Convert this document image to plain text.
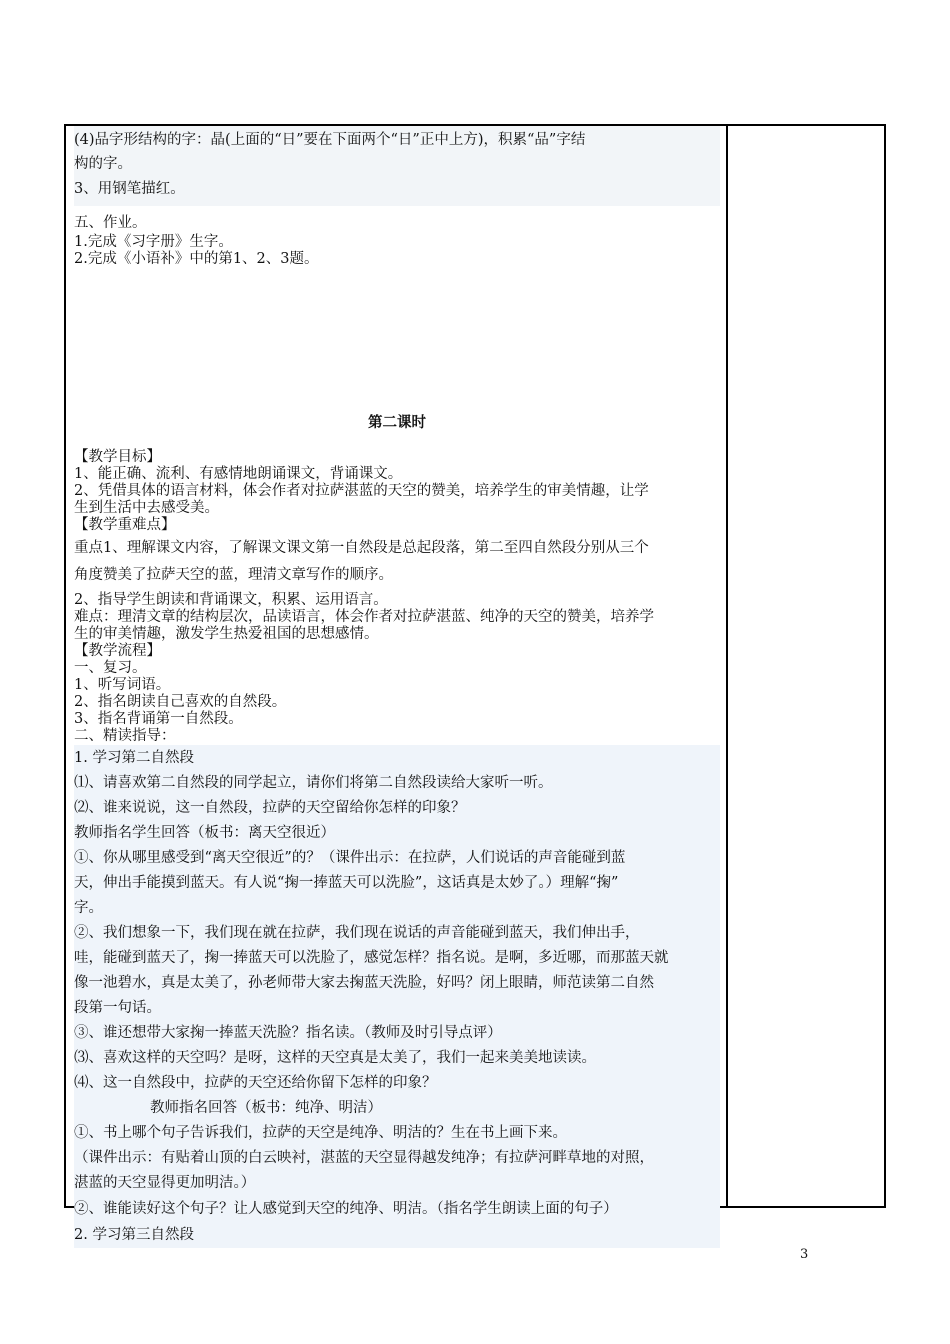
(4)品字形结构的字：晶(上面的“日”要在下面两个“日”正中上方)，积累“品”字结

构的字。

3、用钢笔描红。

五、作业。

1.完成《习字册》生字。

2.完成《小语补》中的第1、2、3题。

第二课时

【教学目标】

1、能正确、流利、有感情地朗诵课文，背诵课文。

2、凭借具体的语言材料，体会作者对拉萨湛蓝的天空的赞美，培养学生的审美情趣，让学

生到生活中去感受美。

【教学重难点】

重点1、理解课文内容，了解课文课文第一自然段是总起段落，第二至四自然段分别从三个

角度赞美了拉萨天空的蓝，理清文章写作的顺序。

2、指导学生朗读和背诵课文，积累、运用语言。

难点：理清文章的结构层次，品读语言，体会作者对拉萨湛蓝、纯净的天空的赞美，培养学

生的审美情趣，激发学生热爱祖国的思想感情。

【教学流程】

一、复习。

1、听写词语。

2、指名朗读自己喜欢的自然段。

3、指名背诵第一自然段。

二、精读指导：

1. 学习第二自然段

⑴、请喜欢第二自然段的同学起立，请你们将第二自然段读给大家听一听。

⑵、谁来说说，这一自然段，拉萨的天空留给你怎样的印象？

教师指名学生回答（板书：离天空很近）

①、你从哪里感受到“离天空很近”的？（课件出示：在拉萨，人们说话的声音能碰到蓝

天，伸出手能摸到蓝天。有人说“掬一捧蓝天可以洗脸”，这话真是太妙了。）理解“掬”

字。

②、我们想象一下，我们现在就在拉萨，我们现在说话的声音能碰到蓝天，我们伸出手，

哇，能碰到蓝天了，掬一捧蓝天可以洗脸了，感觉怎样？指名说。是啊，多近哪，而那蓝天就

像一池碧水，真是太美了，孙老师带大家去掬蓝天洗脸，好吗？闭上眼睛，师范读第二自然

段第一句话。

③、谁还想带大家掬一捧蓝天洗脸？指名读。（教师及时引导点评）

⑶、喜欢这样的天空吗？是呀，这样的天空真是太美了，我们一起来美美地读读。

⑷、这一自然段中，拉萨的天空还给你留下怎样的印象？

教师指名回答（板书：纯净、明洁）

①、书上哪个句子告诉我们，拉萨的天空是纯净、明洁的？生在书上画下来。

（课件出示：有贴着山顶的白云映衬，湛蓝的天空显得越发纯净；有拉萨河畔草地的对照，

湛蓝的天空显得更加明洁。）

②、谁能读好这个句子？让人感觉到天空的纯净、明洁。（指名学生朗读上面的句子）

2. 学习第三自然段

3
